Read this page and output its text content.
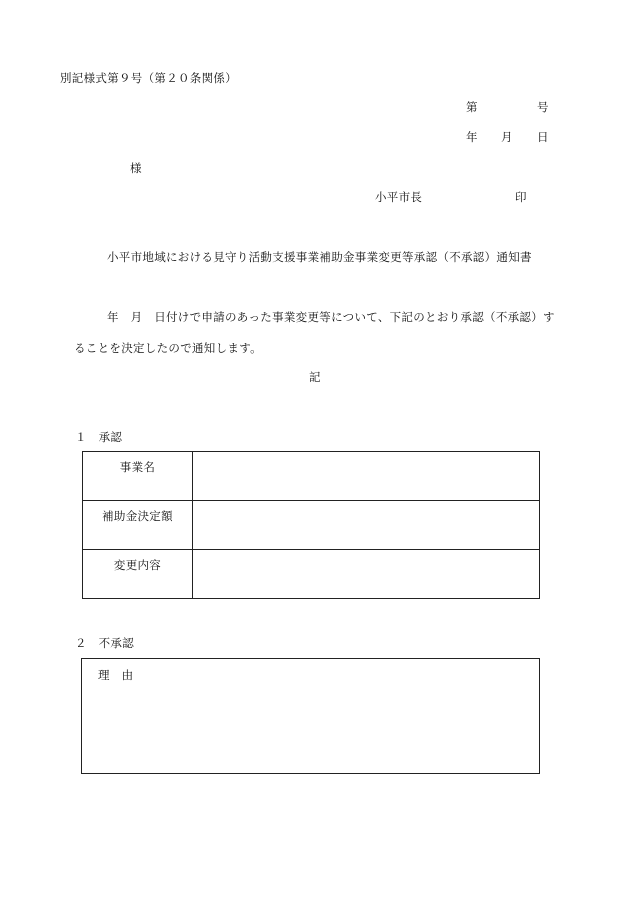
別記様式第９号（第２０条関係）
第	号
年 月 日
様
小平市長	印
小平市地域における見守り活動支援事業補助金事業変更等承認（不承認）通知書
年　月　日付けで申請のあった事業変更等について、下記のとおり承認（不承認）す
ることを決定したので通知します。
記
１　承認
事業名	
補助金決定額	
変更内容	
２　不承認
理　由
